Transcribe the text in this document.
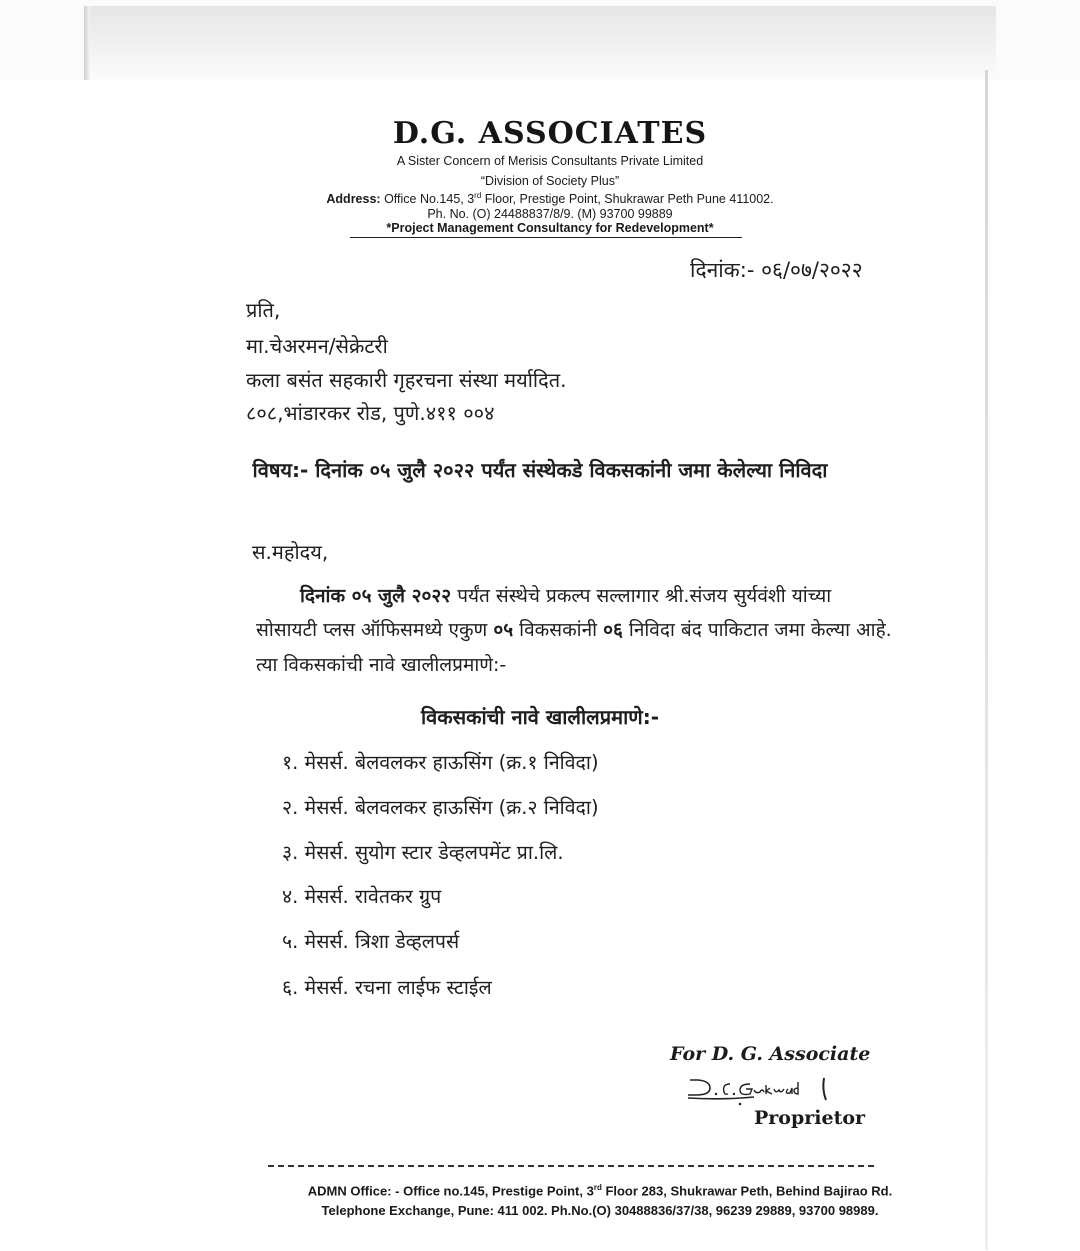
D.G. ASSOCIATES
A Sister Concern of Merisis Consultants Private Limited
“Division of Society Plus”
Address: Office No.145, 3rd Floor, Prestige Point, Shukrawar Peth Pune 411002.
Ph. No. (O) 24488837/8/9. (M) 93700 99889
*Project Management Consultancy for Redevelopment*
दिनांक:- ०६/०७/२०२२
प्रति,
मा.चेअरमन/सेक्रेटरी
कला बसंत सहकारी गृहरचना संस्था मर्यादित.
८०८,भांडारकर रोड, पुणे.४११ ००४
विषय:- दिनांक ०५ जुलै २०२२ पर्यंत संस्थेकडे विकसकांनी जमा केलेल्या निविदा
स.महोदय,
दिनांक ०५ जुलै २०२२ पर्यंत संस्थेचे प्रकल्प सल्लागार श्री.संजय सुर्यवंशी यांच्या
सोसायटी प्लस ऑफिसमध्ये एकुण ०५ विकसकांनी ०६ निविदा बंद पाकिटात जमा केल्या आहे.
त्या विकसकांची नावे खालीलप्रमाणे:-
विकसकांची नावे खालीलप्रमाणे:-
१. मेसर्स. बेलवलकर हाऊसिंग (क्र.१ निविदा)
२. मेसर्स. बेलवलकर हाऊसिंग (क्र.२ निविदा)
३. मेसर्स. सुयोग स्टार डेव्हलपमेंट प्रा.लि.
४. मेसर्स. रावेतकर ग्रुप
५. मेसर्स. त्रिशा डेव्हलपर्स
६. मेसर्स. रचना लाईफ स्टाईल
For D. G. Associate
Proprietor
ADMN Office: - Office no.145, Prestige Point, 3rd Floor 283, Shukrawar Peth, Behind Bajirao Rd.
Telephone Exchange, Pune: 411 002. Ph.No.(O) 30488836/37/38, 96239 29889, 93700 98989.
